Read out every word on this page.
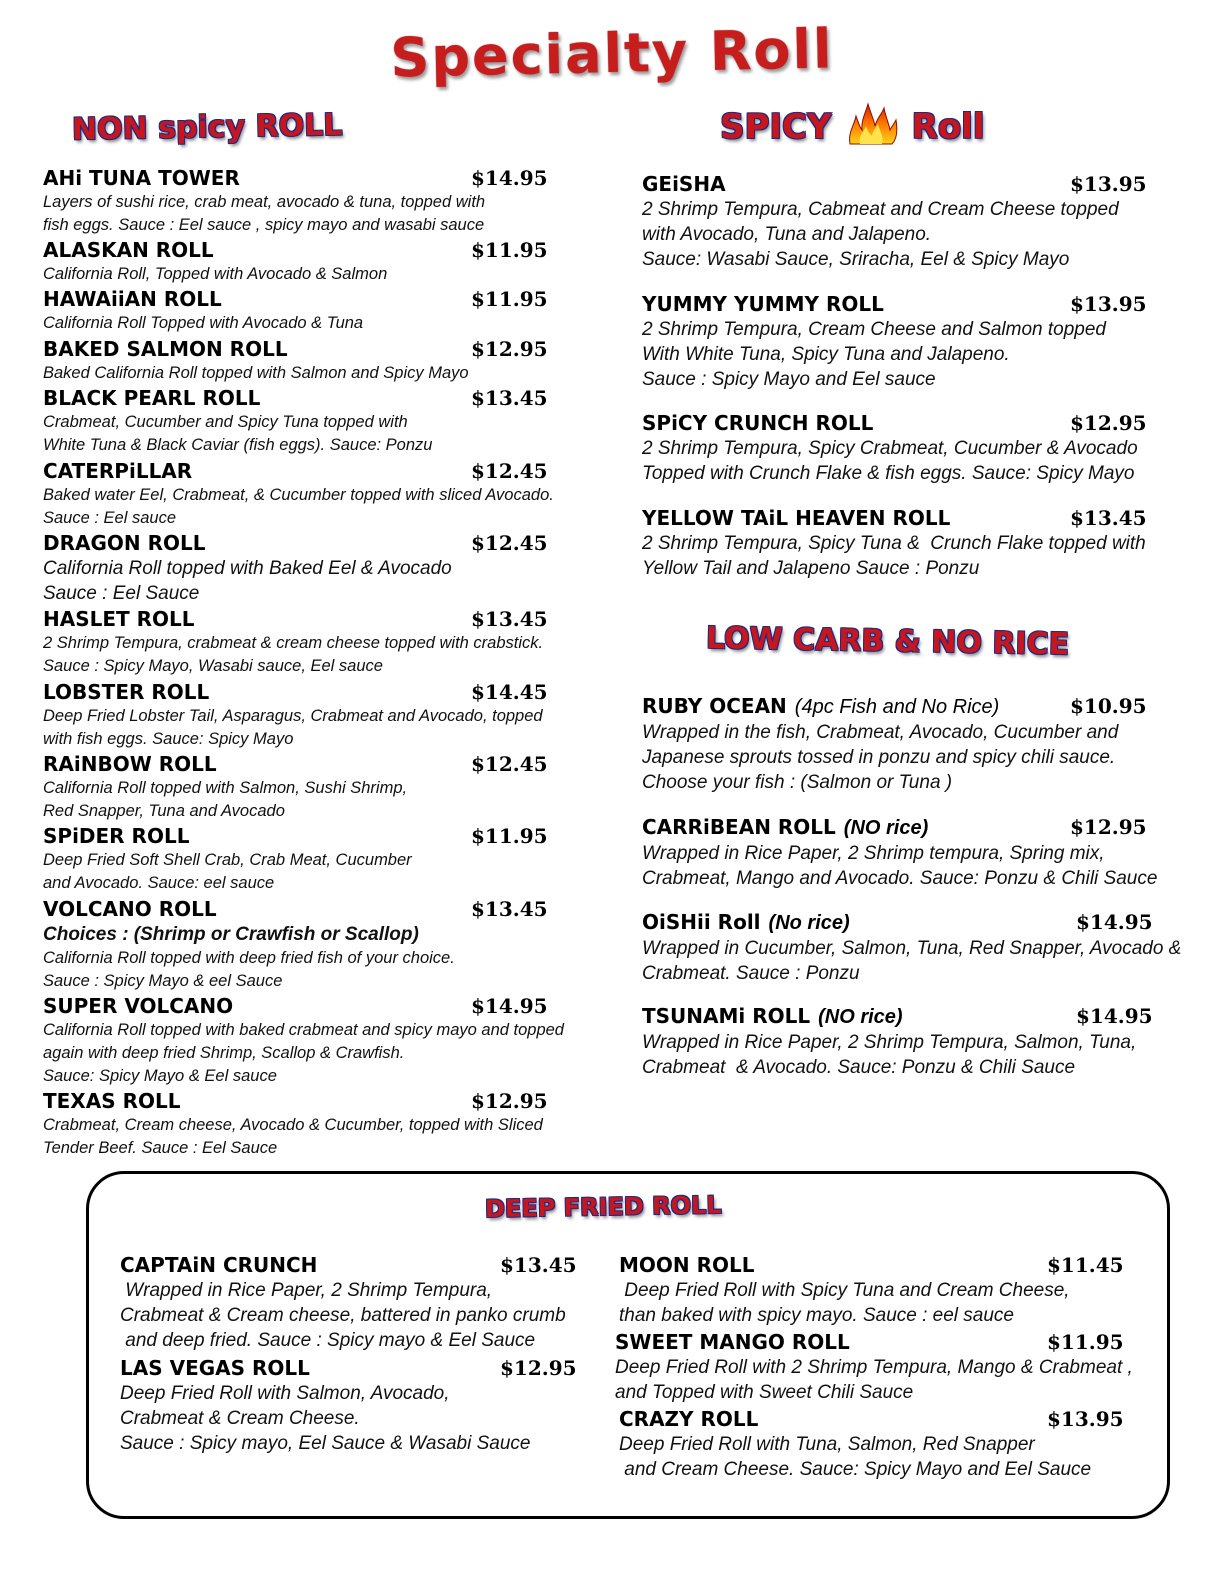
Specialty Roll
NON spicy ROLL	SPICY Roll
LOW CARB & NO RICE
AHi TUNA TOWER	$14.95
Layers of sushi rice, crab meat, avocado & tuna, topped with
fish eggs. Sauce : Eel sauce , spicy mayo and wasabi sauce
ALASKAN ROLL	$11.95
California Roll, Topped with Avocado & Salmon
HAWAiiAN ROLL	$11.95
California Roll Topped with Avocado & Tuna
BAKED SALMON ROLL	$12.95
Baked California Roll topped with Salmon and Spicy Mayo
BLACK PEARL ROLL	$13.45
Crabmeat, Cucumber and Spicy Tuna topped with
White Tuna & Black Caviar (fish eggs). Sauce: Ponzu
CATERPiLLAR	$12.45
Baked water Eel, Crabmeat, & Cucumber topped with sliced Avocado.
Sauce : Eel sauce
DRAGON ROLL	$12.45
California Roll topped with Baked Eel & Avocado
Sauce : Eel Sauce
HASLET ROLL	$13.45
2 Shrimp Tempura, crabmeat & cream cheese topped with crabstick.
Sauce : Spicy Mayo, Wasabi sauce, Eel sauce
LOBSTER ROLL	$14.45
Deep Fried Lobster Tail, Asparagus, Crabmeat and Avocado, topped
with fish eggs. Sauce: Spicy Mayo
RAiNBOW ROLL	$12.45
California Roll topped with Salmon, Sushi Shrimp,
Red Snapper, Tuna and Avocado
SPiDER ROLL	$11.95
Deep Fried Soft Shell Crab, Crab Meat, Cucumber
and Avocado. Sauce: eel sauce
VOLCANO ROLL	$13.45
Choices : (Shrimp or Crawfish or Scallop)
California Roll topped with deep fried fish of your choice.
Sauce : Spicy Mayo & eel Sauce
SUPER VOLCANO	$14.95
California Roll topped with baked crabmeat and spicy mayo and topped
again with deep fried Shrimp, Scallop & Crawfish.
Sauce: Spicy Mayo & Eel sauce
TEXAS ROLL	$12.95
Crabmeat, Cream cheese, Avocado & Cucumber, topped with Sliced
Tender Beef. Sauce : Eel Sauce
GEiSHA	$13.95
2 Shrimp Tempura, Cabmeat and Cream Cheese topped
with Avocado, Tuna and Jalapeno.
Sauce: Wasabi Sauce, Sriracha, Eel & Spicy Mayo
YUMMY YUMMY ROLL	$13.95
2 Shrimp Tempura, Cream Cheese and Salmon topped
With White Tuna, Spicy Tuna and Jalapeno.
Sauce : Spicy Mayo and Eel sauce
SPiCY CRUNCH ROLL	$12.95
2 Shrimp Tempura, Spicy Crabmeat, Cucumber & Avocado
Topped with Crunch Flake & fish eggs. Sauce: Spicy Mayo
YELLOW TAiL HEAVEN ROLL	$13.45
2 Shrimp Tempura, Spicy Tuna &  Crunch Flake topped with
Yellow Tail and Jalapeno Sauce : Ponzu
RUBY OCEAN (4pc Fish and No Rice)	$10.95
Wrapped in the fish, Crabmeat, Avocado, Cucumber and
Japanese sprouts tossed in ponzu and spicy chili sauce.
Choose your fish : (Salmon or Tuna )
CARRiBEAN ROLL (NO rice)	$12.95
Wrapped in Rice Paper, 2 Shrimp tempura, Spring mix,
Crabmeat, Mango and Avocado. Sauce: Ponzu & Chili Sauce
OiSHii Roll (No rice)	$14.95
Wrapped in Cucumber, Salmon, Tuna, Red Snapper, Avocado &
Crabmeat. Sauce : Ponzu
TSUNAMi ROLL (NO rice)	$14.95
Wrapped in Rice Paper, 2 Shrimp Tempura, Salmon, Tuna,
Crabmeat  & Avocado. Sauce: Ponzu & Chili Sauce
DEEP FRIED ROLL
CAPTAiN CRUNCH	$13.45
Wrapped in Rice Paper, 2 Shrimp Tempura,
Crabmeat & Cream cheese, battered in panko crumb
and deep fried. Sauce : Spicy mayo & Eel Sauce
LAS VEGAS ROLL	$12.95
Deep Fried Roll with Salmon, Avocado,
Crabmeat & Cream Cheese.
Sauce : Spicy mayo, Eel Sauce & Wasabi Sauce
MOON ROLL	$11.45
Deep Fried Roll with Spicy Tuna and Cream Cheese,
than baked with spicy mayo. Sauce : eel sauce
SWEET MANGO ROLL	$11.95
Deep Fried Roll with 2 Shrimp Tempura, Mango & Crabmeat ,
and Topped with Sweet Chili Sauce
CRAZY ROLL	$13.95
Deep Fried Roll with Tuna, Salmon, Red Snapper
and Cream Cheese. Sauce: Spicy Mayo and Eel Sauce
